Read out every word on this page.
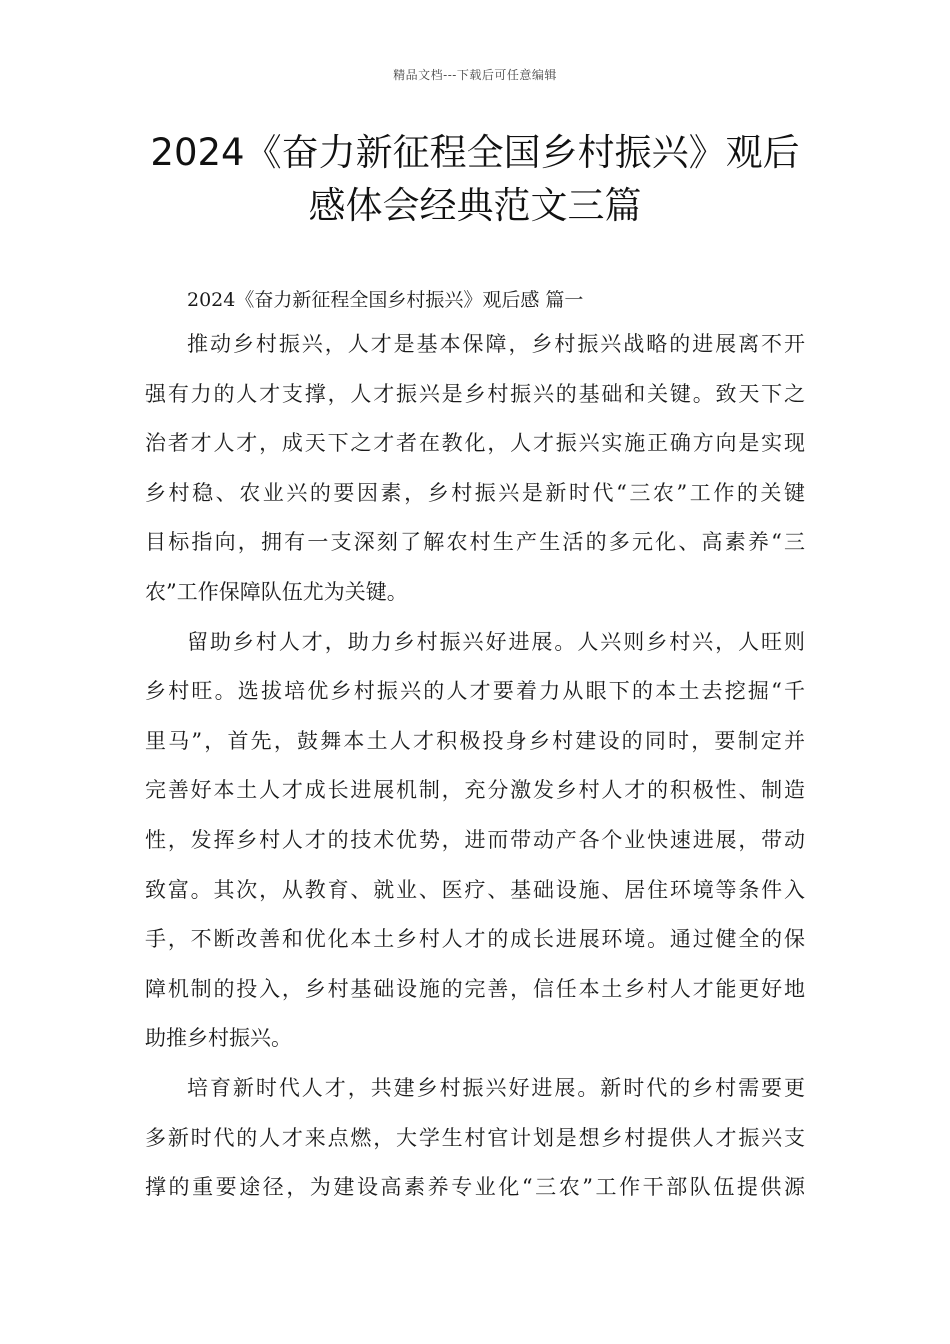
精品文档---下载后可任意编辑
2024《奋力新征程全国乡村振兴》观后
感体会经典范文三篇
2024《奋力新征程全国乡村振兴》观后感 篇一

推动乡村振兴，人才是基本保障，乡村振兴战略的进展离不开
强有力的人才支撑，人才振兴是乡村振兴的基础和关键。致天下之
治者才人才，成天下之才者在教化，人才振兴实施正确方向是实现
乡村稳、农业兴的要因素，乡村振兴是新时代“三农”工作的关键
目标指向，拥有一支深刻了解农村生产生活的多元化、高素养“三
农”工作保障队伍尤为关键。

留助乡村人才，助力乡村振兴好进展。人兴则乡村兴，人旺则
乡村旺。选拔培优乡村振兴的人才要着力从眼下的本土去挖掘“千
里马”，首先，鼓舞本土人才积极投身乡村建设的同时，要制定并
完善好本土人才成长进展机制，充分激发乡村人才的积极性、制造
性，发挥乡村人才的技术优势，进而带动产各个业快速进展，带动
致富。其次，从教育、就业、医疗、基础设施、居住环境等条件入
手，不断改善和优化本土乡村人才的成长进展环境。通过健全的保
障机制的投入，乡村基础设施的完善，信任本土乡村人才能更好地
助推乡村振兴。

培育新时代人才，共建乡村振兴好进展。新时代的乡村需要更
多新时代的人才来点燃，大学生村官计划是想乡村提供人才振兴支
撑的重要途径，为建设高素养专业化“三农”工作干部队伍提供源
